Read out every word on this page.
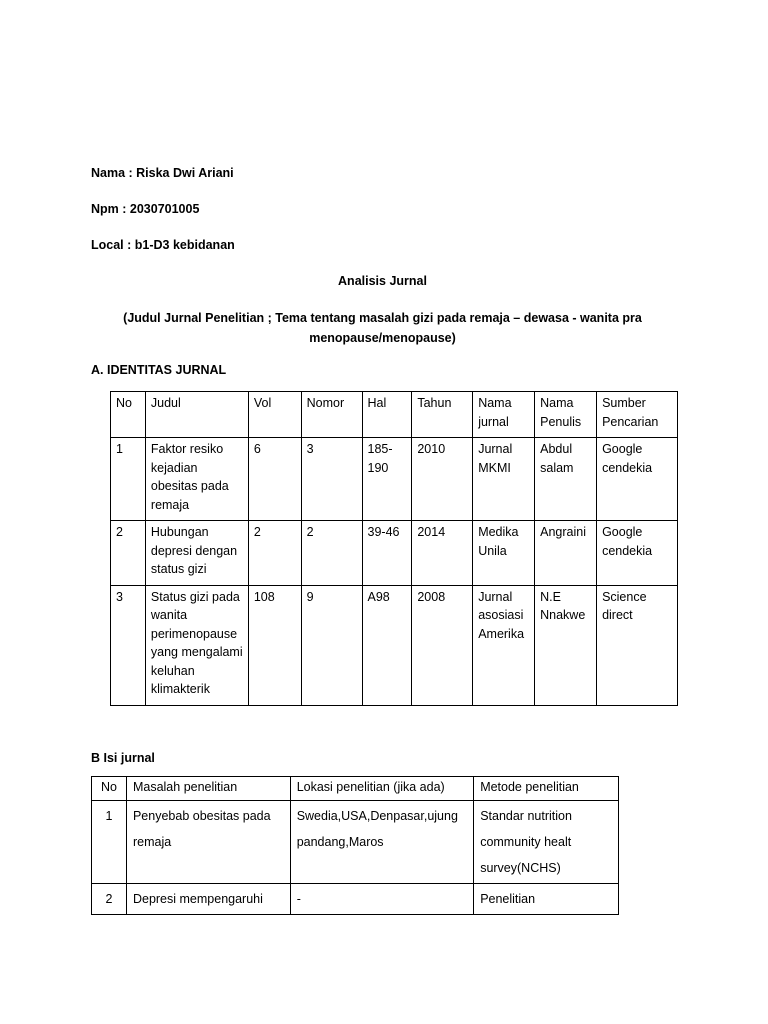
Nama : Riska Dwi Ariani

Npm : 2030701005

Local : b1-D3 kebidanan

Analisis Jurnal

(Judul Jurnal Penelitian ; Tema tentang masalah gizi pada remaja – dewasa - wanita pra
menopause/menopause)

A. IDENTITAS JURNAL

No	Judul	Vol	Nomor	Hal	Tahun	Nama jurnal	Nama Penulis	Sumber Pencarian
1	Faktor resiko kejadian obesitas pada remaja	6	3	185-190	2010	Jurnal MKMI	Abdul salam	Google cendekia
2	Hubungan depresi dengan status gizi	2	2	39-46	2014	Medika Unila	Angraini	Google cendekia
3	Status gizi pada wanita perimenopause yang mengalami keluhan klimakterik	108	9	A98	2008	Jurnal asosiasi Amerika	N.E Nnakwe	Science direct

B Isi jurnal

No	Masalah penelitian	Lokasi penelitian (jika ada)	Metode penelitian
1	Penyebab obesitas pada remaja	Swedia,USA,Denpasar,ujung pandang,Maros	Standar nutrition community healt survey(NCHS)
2	Depresi mempengaruhi	-	Penelitian
